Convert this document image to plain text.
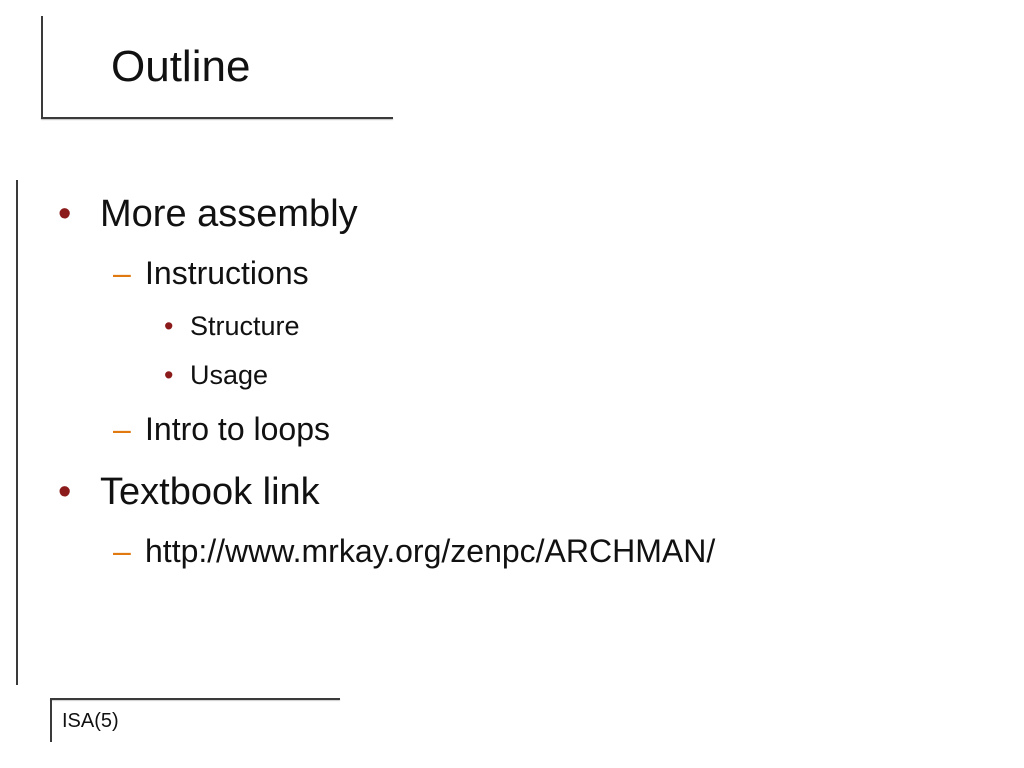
Outline
• More assembly
– Instructions
• Structure
• Usage
– Intro to loops
• Textbook link
– http://www.mrkay.org/zenpc/ARCHMAN/
ISA(5)
